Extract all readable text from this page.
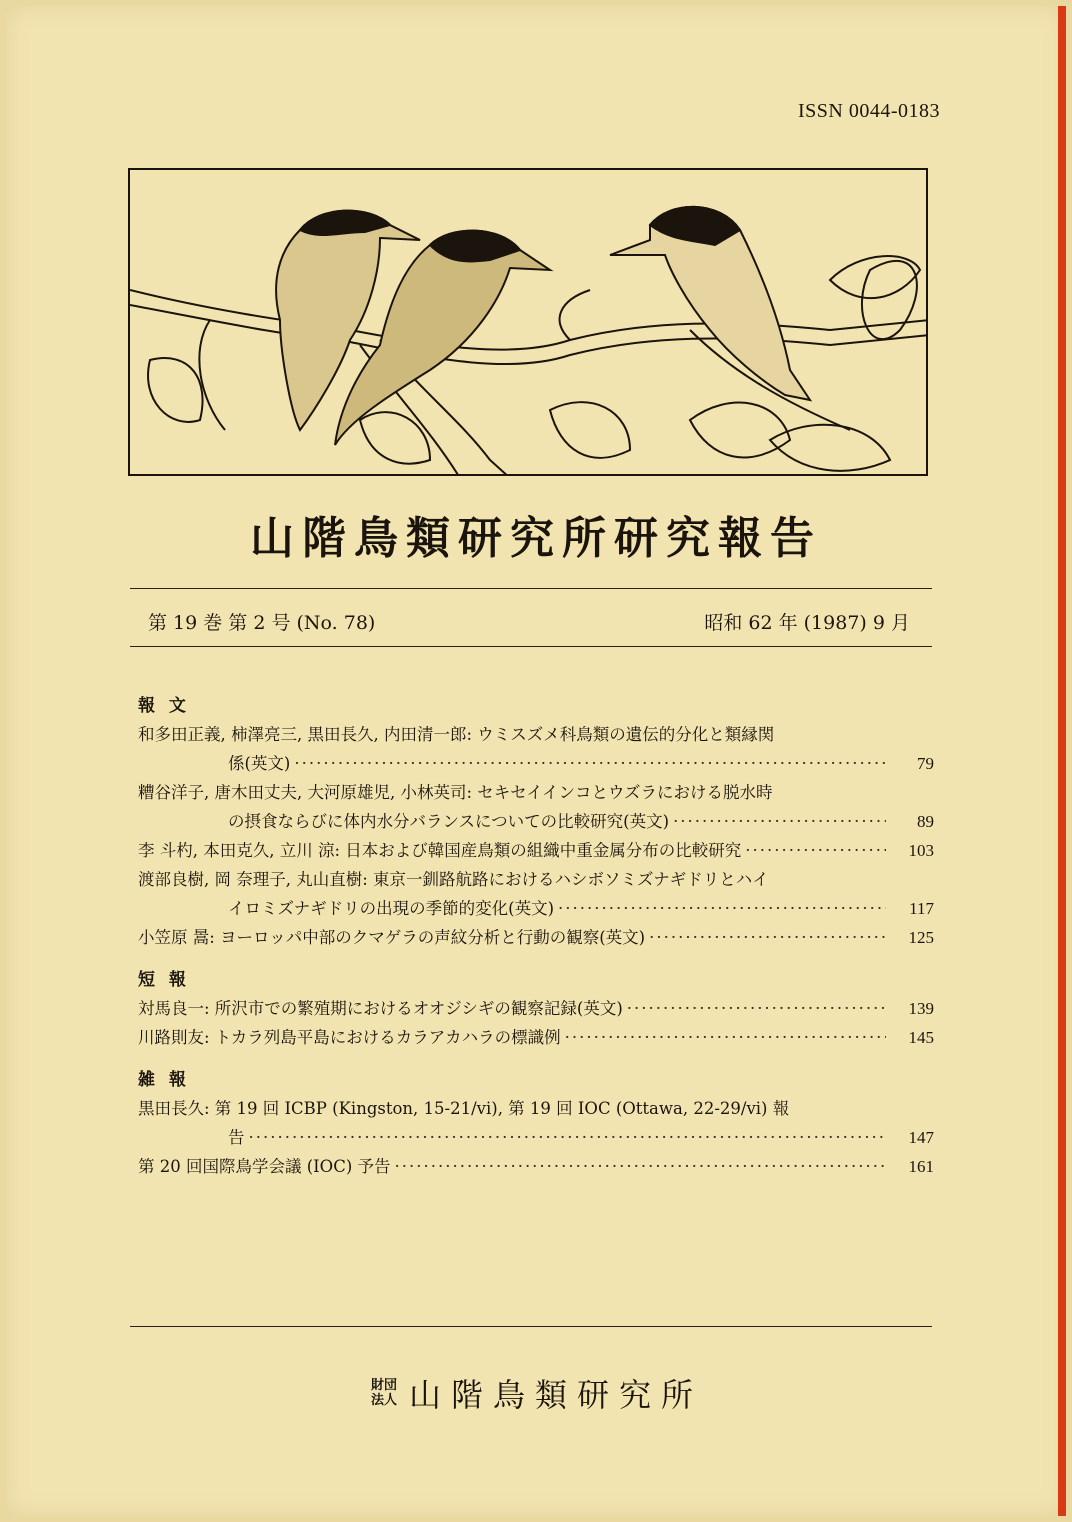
ISSN 0044-0183
山階鳥類研究所研究報告
第 19 巻 第 2 号 (No. 78)	昭和 62 年 (1987) 9 月
報 文
和多田正義, 柿澤亮三, 黒田長久, 内田清一郎: ウミスズメ科鳥類の遺伝的分化と類縁関
係(英文) ·····	79
糟谷洋子, 唐木田丈夫, 大河原雄児, 小林英司: セキセイインコとウズラにおける脱水時
の摂食ならびに体内水分バランスについての比較研究(英文) ·····	89
李 斗杓, 本田克久, 立川 涼: 日本および韓国産鳥類の組織中重金属分布の比較研究 ·····	103
渡部良樹, 岡 奈理子, 丸山直樹: 東京一釧路航路におけるハシボソミズナギドリとハイ
イロミズナギドリの出現の季節的変化(英文) ·····	117
小笠原 暠: ヨーロッパ中部のクマゲラの声紋分析と行動の観察(英文) ·····	125
短 報
対馬良一: 所沢市での繁殖期におけるオオジシギの観察記録(英文) ·····	139
川路則友: トカラ列島平島におけるカラアカハラの標識例 ·····	145
雑 報
黒田長久: 第 19 回 ICBP (Kingston, 15-21/vi), 第 19 回 IOC (Ottawa, 22-29/vi) 報
告 ·····	147
第 20 回国際鳥学会議 (IOC) 予告 ·····	161
財団
法人 山階鳥類研究所
